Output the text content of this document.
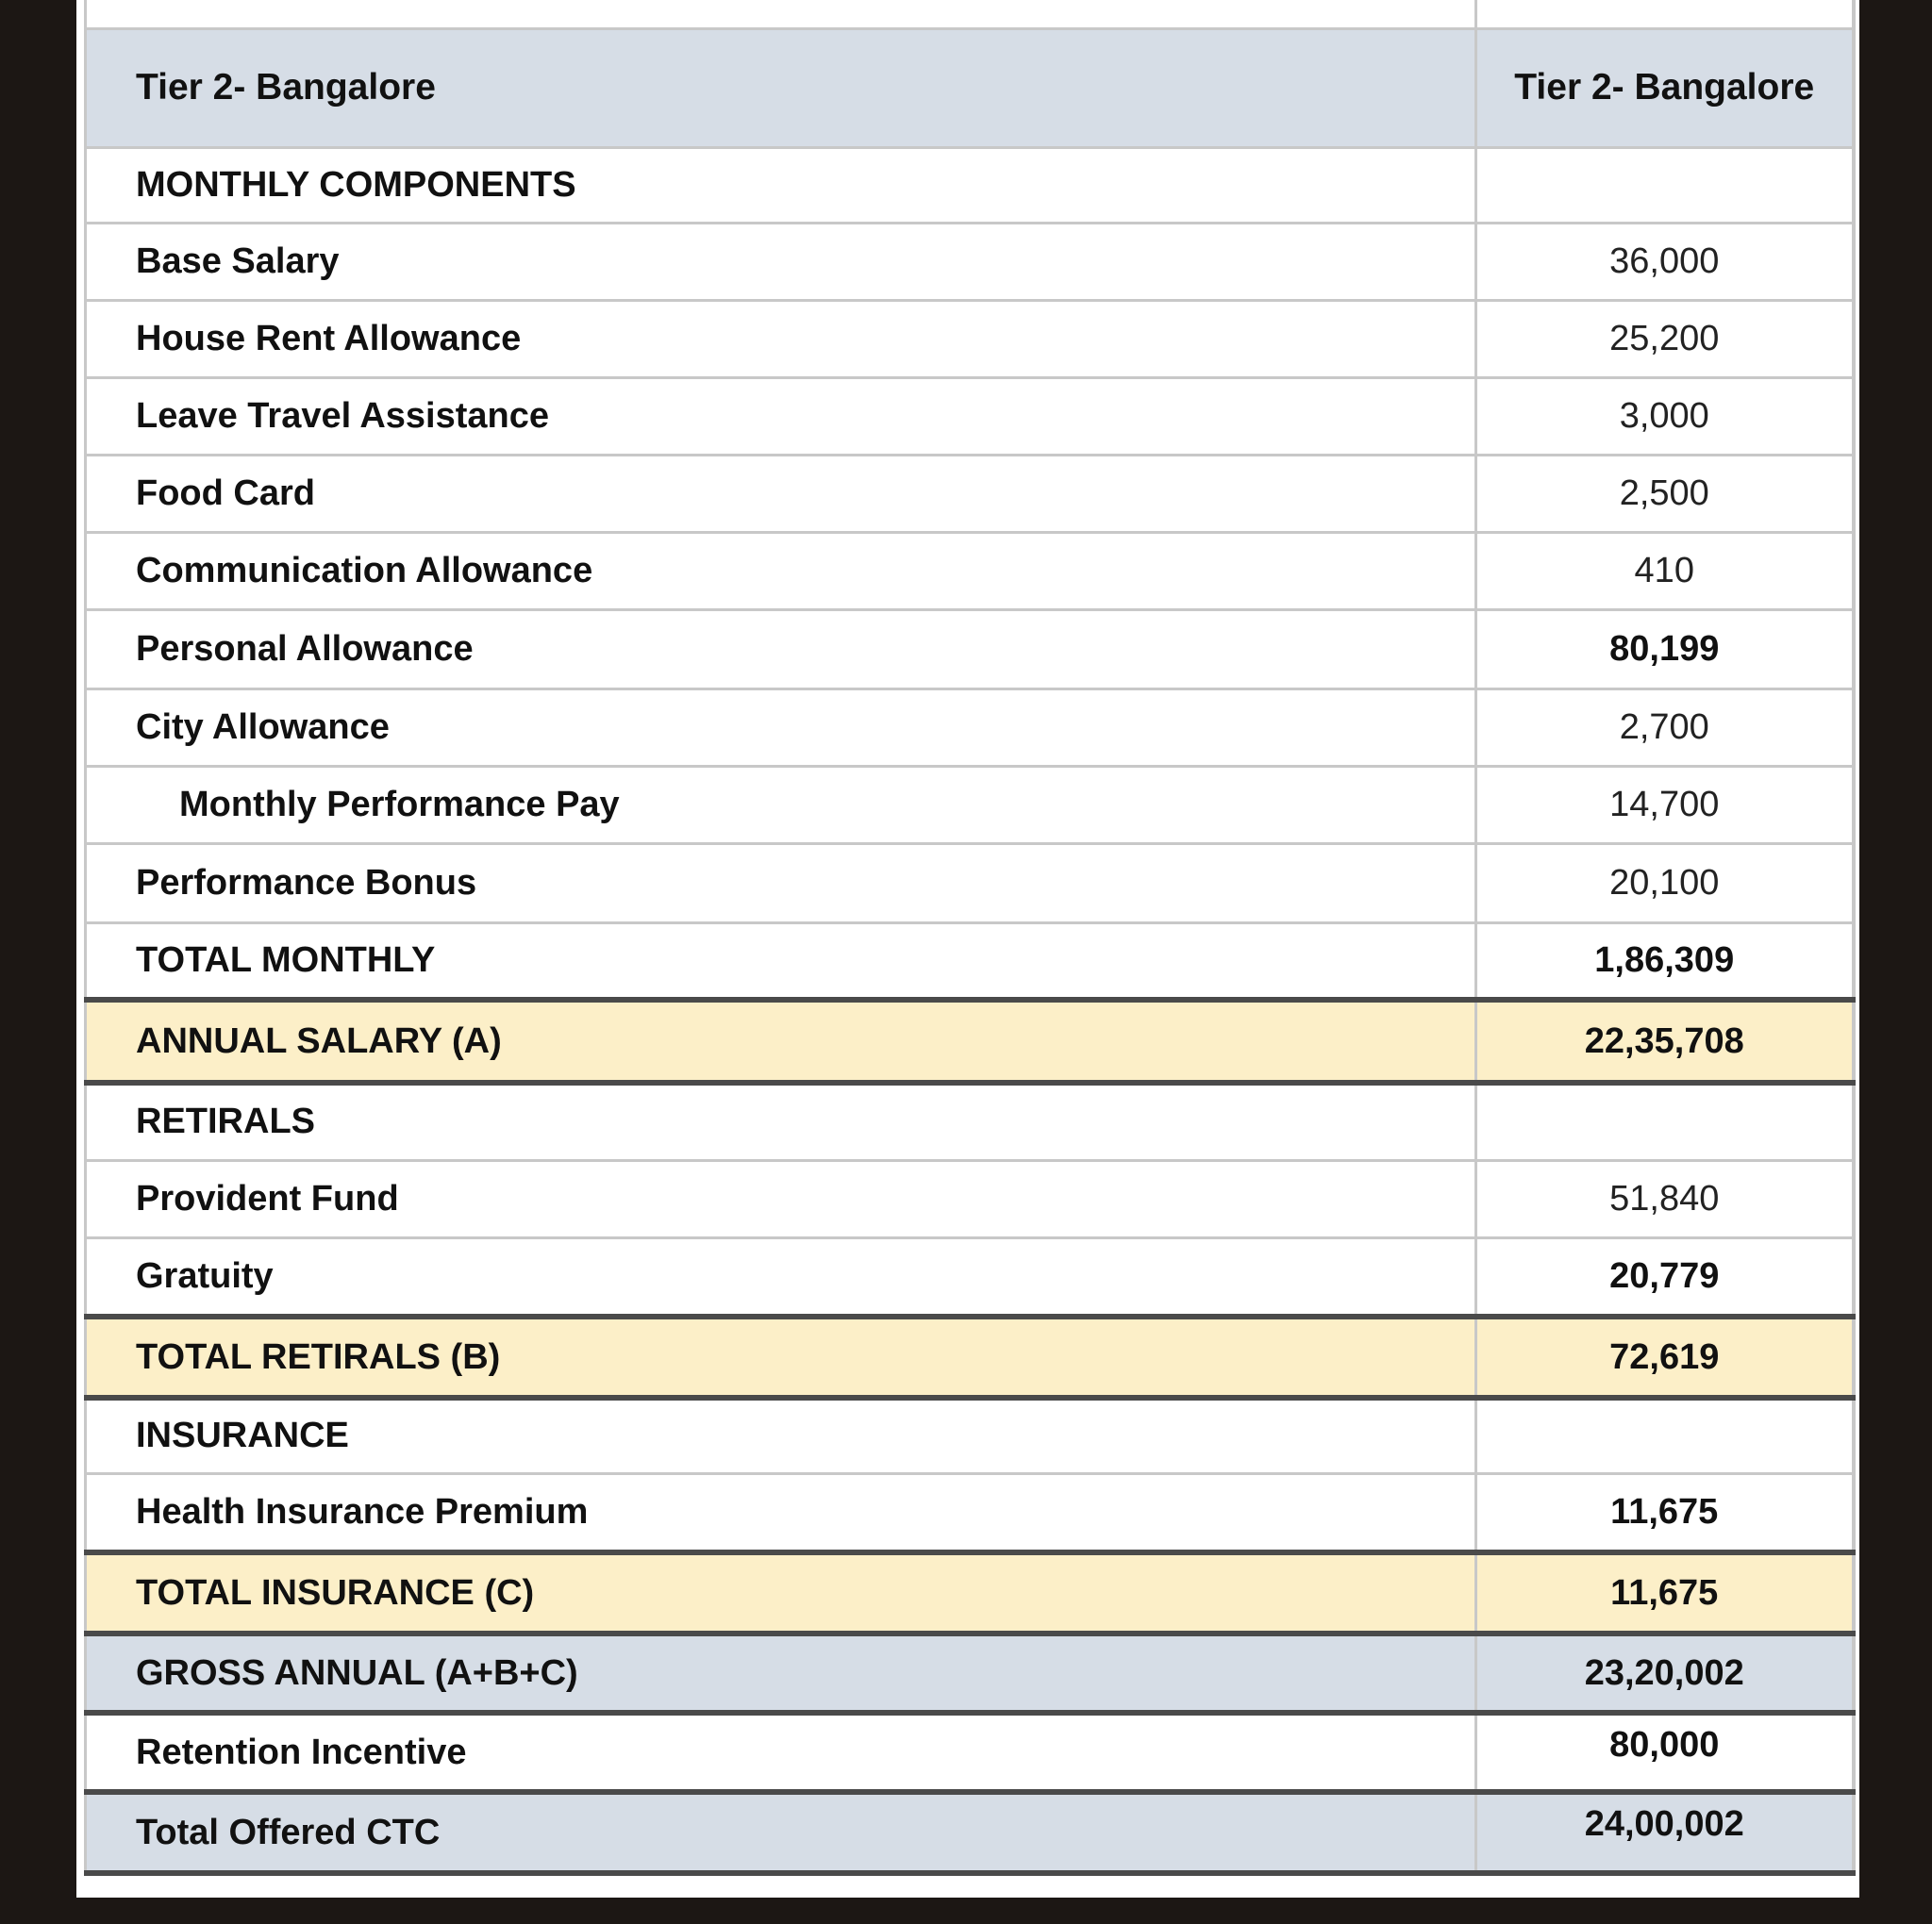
Tier 2- Bangalore	Tier 2- Bangalore
MONTHLY COMPONENTS	
Base Salary	36,000
House Rent Allowance	25,200
Leave Travel Assistance	3,000
Food Card	2,500
Communication Allowance	410
Personal Allowance	80,199
City Allowance	2,700
Monthly Performance Pay	14,700
Performance Bonus	20,100
TOTAL MONTHLY	1,86,309
ANNUAL SALARY (A)	22,35,708
RETIRALS	
Provident Fund	51,840
Gratuity	20,779
TOTAL RETIRALS (B)	72,619
INSURANCE	
Health Insurance Premium	11,675
TOTAL INSURANCE (C)	11,675
GROSS ANNUAL (A+B+C)	23,20,002
Retention Incentive	80,000
Total Offered CTC	24,00,002
